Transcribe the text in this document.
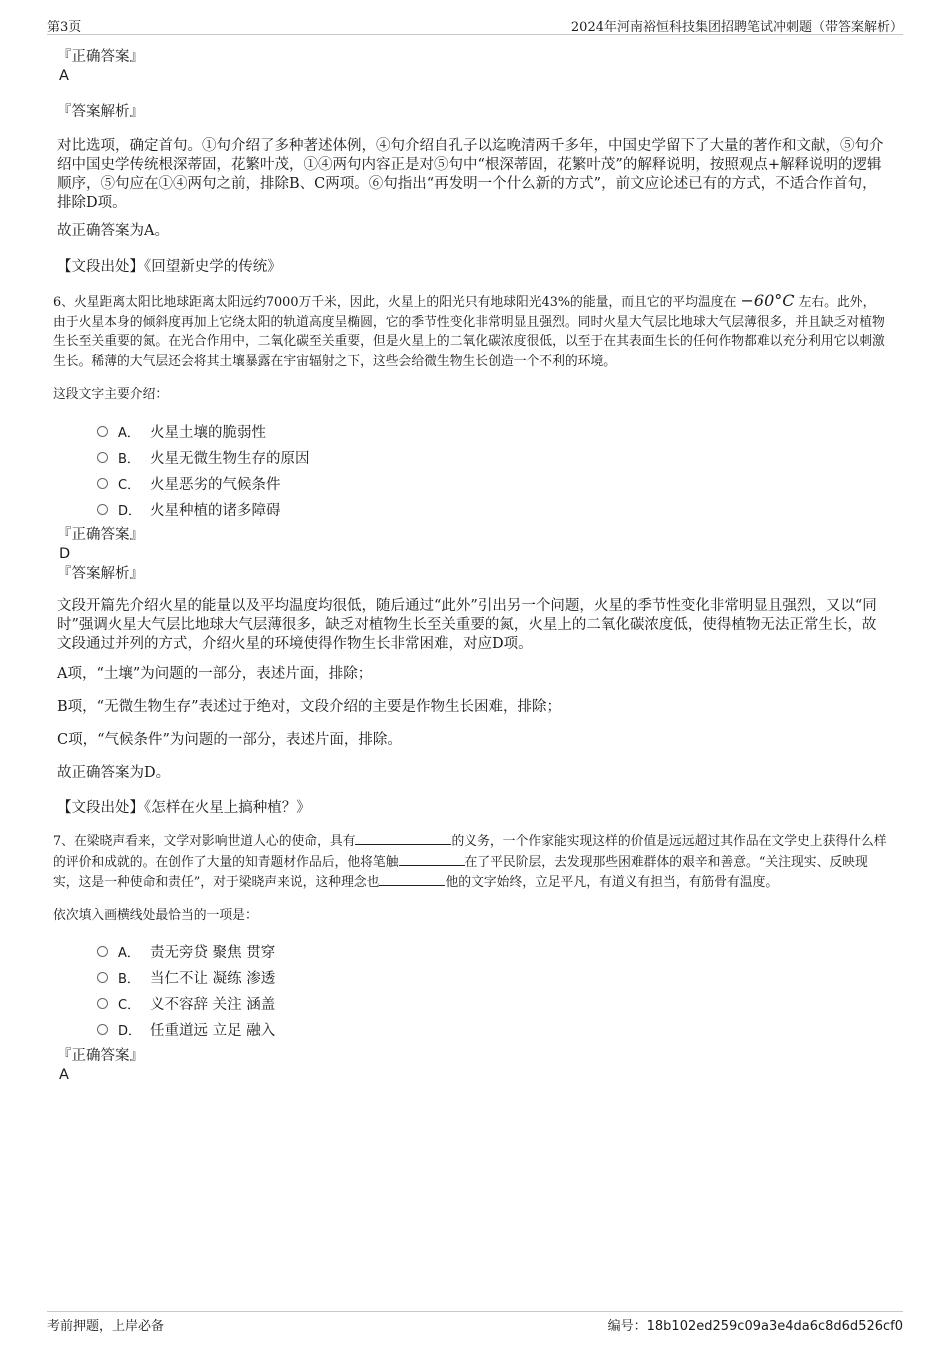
第3页	2024年河南裕恒科技集团招聘笔试冲刺题（带答案解析）

『正确答案』

A

『答案解析』

对比选项，确定首句。①句介绍了多种著述体例，④句介绍自孔子以迄晚清两千多年，中国史学留下了大量的著作和文献，⑤句介绍中国史学传统根深蒂固，花繁叶茂，①④两句内容正是对⑤句中“根深蒂固，花繁叶茂”的解释说明，按照观点+解释说明的逻辑顺序，⑤句应在①④两句之前，排除B、C两项。⑥句指出“再发明一个什么新的方式”，前文应论述已有的方式，不适合作首句，排除D项。

故正确答案为A。

【文段出处】《回望新史学的传统》

6、火星距离太阳比地球距离太阳远约7000万千米，因此，火星上的阳光只有地球阳光43%的能量，而且它的平均温度在 −60°C 左右。此外，由于火星本身的倾斜度再加上它绕太阳的轨道高度呈椭圆，它的季节性变化非常明显且强烈。同时火星大气层比地球大气层薄很多，并且缺乏对植物生长至关重要的氮。在光合作用中，二氧化碳至关重要，但是火星上的二氧化碳浓度很低，以至于在其表面生长的任何作物都难以充分利用它以刺激生长。稀薄的大气层还会将其土壤暴露在宇宙辐射之下，这些会给微生物生长创造一个不利的环境。

这段文字主要介绍：

A． 火星土壤的脆弱性
B． 火星无微生物生存的原因
C． 火星恶劣的气候条件
D． 火星种植的诸多障碍

『正确答案』

D

『答案解析』

文段开篇先介绍火星的能量以及平均温度均很低，随后通过“此外”引出另一个问题，火星的季节性变化非常明显且强烈，又以“同时”强调火星大气层比地球大气层薄很多，缺乏对植物生长至关重要的氮，火星上的二氧化碳浓度低，使得植物无法正常生长，故文段通过并列的方式，介绍火星的环境使得作物生长非常困难，对应D项。

A项，“土壤”为问题的一部分，表述片面，排除；

B项，“无微生物生存”表述过于绝对，文段介绍的主要是作物生长困难，排除；

C项，“气候条件”为问题的一部分，表述片面，排除。

故正确答案为D。

【文段出处】《怎样在火星上搞种植？》

7、在梁晓声看来，文学对影响世道人心的使命，具有	的义务，一个作家能实现这样的价值是远远超过其作品在文学史上获得什么样的评价和成就的。在创作了大量的知青题材作品后，他将笔触	在了平民阶层，去发现那些困难群体的艰辛和善意。“关注现实、反映现实，这是一种使命和责任”，对于梁晓声来说，这种理念也	他的文字始终，立足平凡，有道义有担当，有筋骨有温度。

依次填入画横线处最恰当的一项是：

A． 责无旁贷 聚焦 贯穿
B． 当仁不让 凝练 渗透
C． 义不容辞 关注 涵盖
D． 任重道远 立足 融入

『正确答案』

A

考前押题，上岸必备	编号：18b102ed259c09a3e4da6c8d6d526cf0
